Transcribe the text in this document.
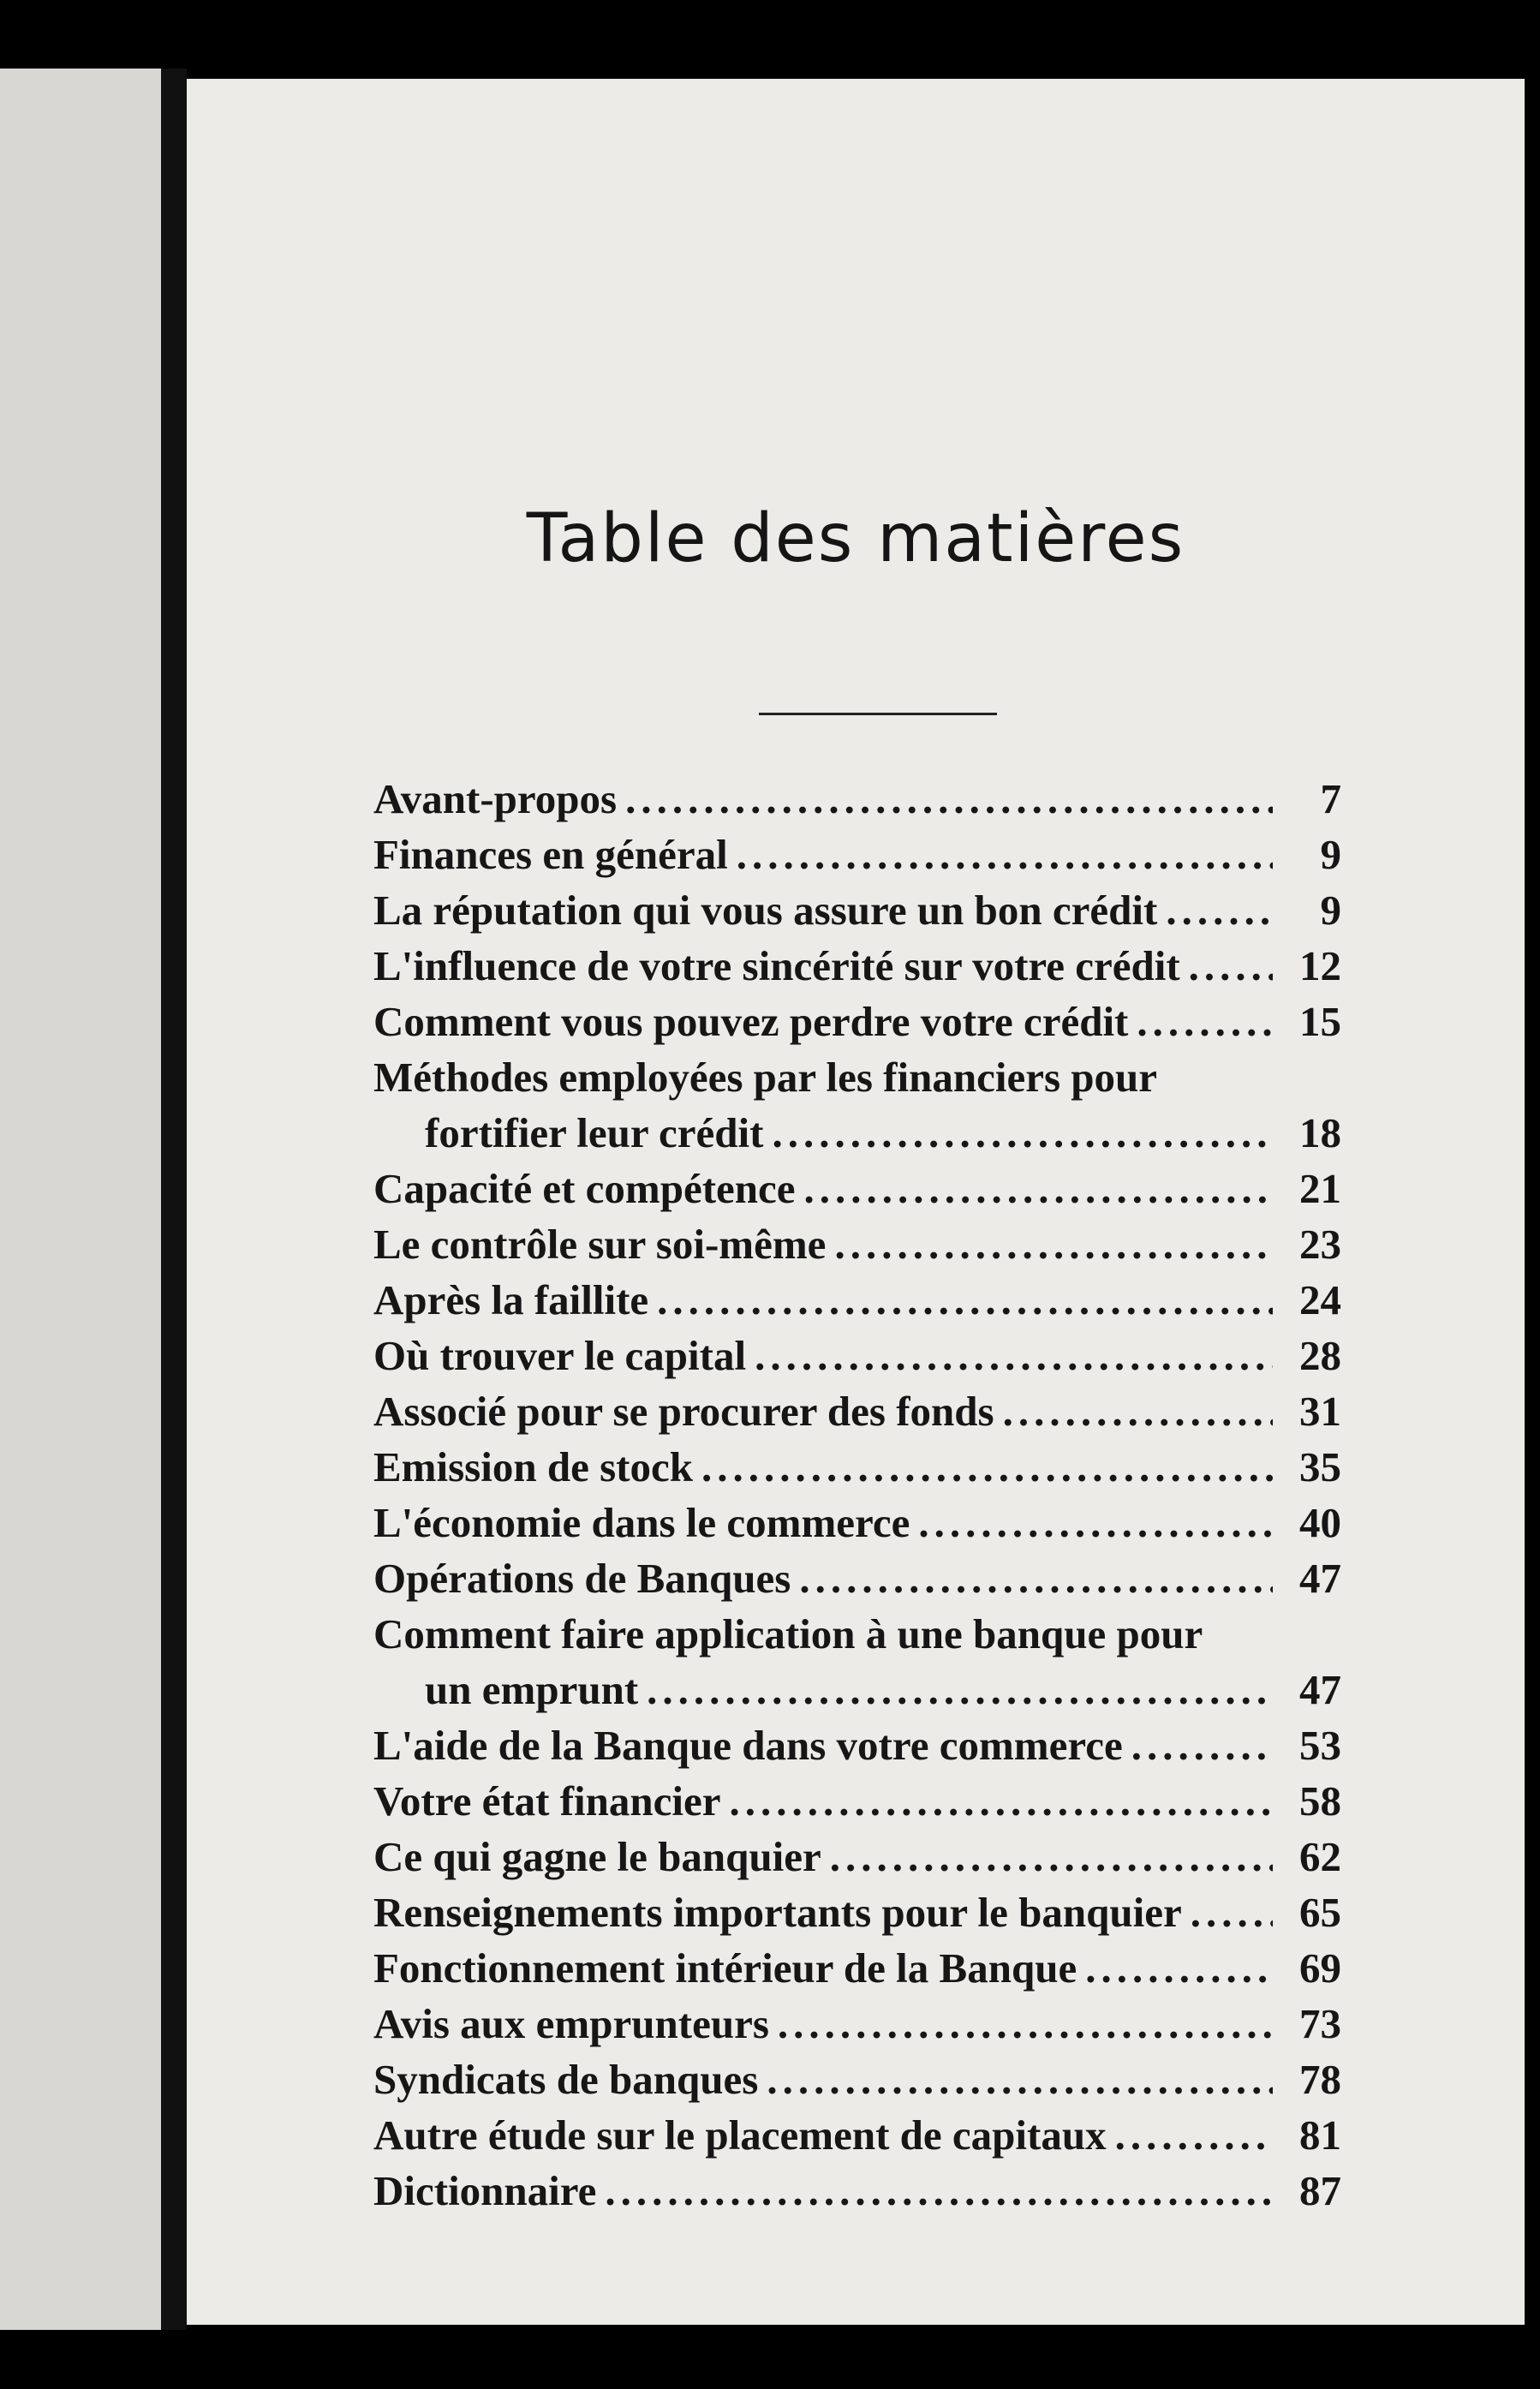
Table des matières
Avant-propos .....	7
Finances en général .....	9
La réputation qui vous assure un bon crédit .....	9
L'influence de votre sincérité sur votre crédit .....	12
Comment vous pouvez perdre votre crédit .....	15
Méthodes employées par les financiers pour
fortifier leur crédit .....	18
Capacité et compétence .....	21
Le contrôle sur soi-même .....	23
Après la faillite .....	24
Où trouver le capital .....	28
Associé pour se procurer des fonds .....	31
Emission de stock .....	35
L'économie dans le commerce .....	40
Opérations de Banques .....	47
Comment faire application à une banque pour
un emprunt .....	47
L'aide de la Banque dans votre commerce .....	53
Votre état financier .....	58
Ce qui gagne le banquier .....	62
Renseignements importants pour le banquier .....	65
Fonctionnement intérieur de la Banque .....	69
Avis aux emprunteurs .....	73
Syndicats de banques .....	78
Autre étude sur le placement de capitaux .....	81
Dictionnaire .....	87
